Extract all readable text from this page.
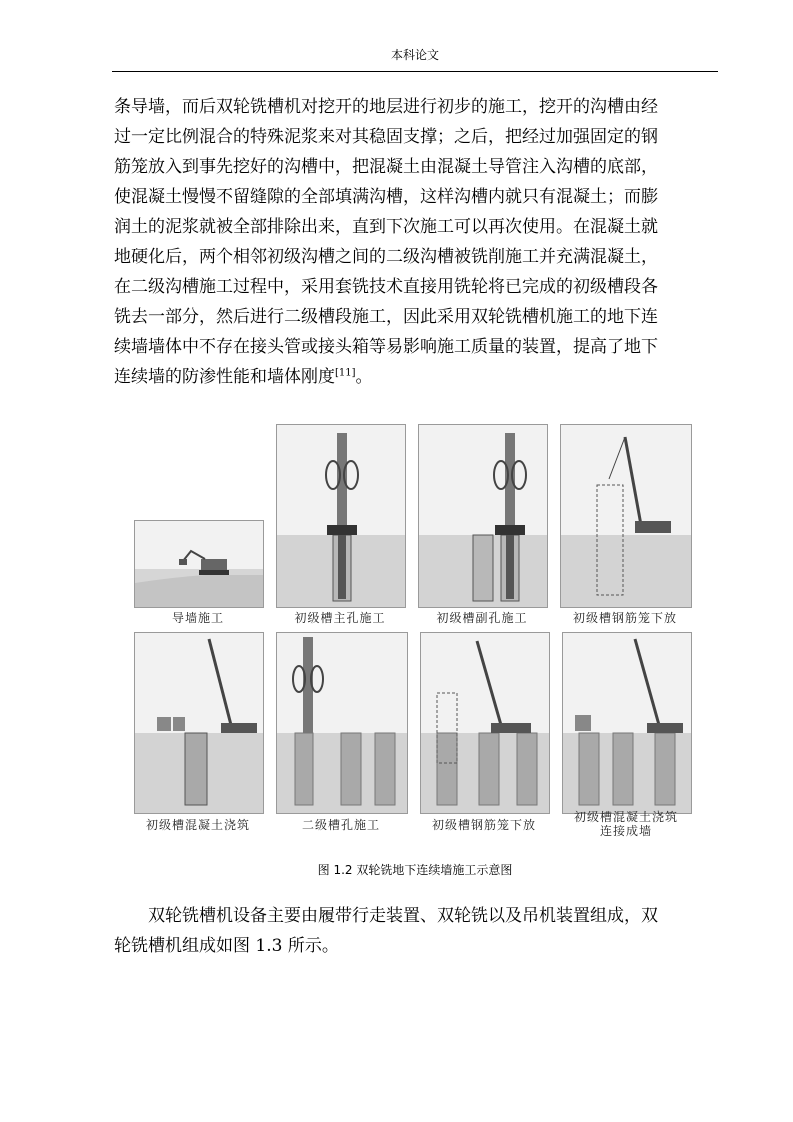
本科论文
条导墙，而后双轮铣槽机对挖开的地层进行初步的施工，挖开的沟槽由经
过一定比例混合的特殊泥浆来对其稳固支撑；之后，把经过加强固定的钢
筋笼放入到事先挖好的沟槽中，把混凝土由混凝土导管注入沟槽的底部，
使混凝土慢慢不留缝隙的全部填满沟槽，这样沟槽内就只有混凝土；而膨
润土的泥浆就被全部排除出来，直到下次施工可以再次使用。在混凝土就
地硬化后，两个相邻初级沟槽之间的二级沟槽被铣削施工并充满混凝土，
在二级沟槽施工过程中，采用套铣技术直接用铣轮将已完成的初级槽段各
铣去一部分，然后进行二级槽段施工，因此采用双轮铣槽机施工的地下连
续墙墙体中不存在接头管或接头箱等易影响施工质量的装置，提高了地下
连续墙的防渗性能和墙体刚度[11]。
导墙施工	初级槽主孔施工	初级槽副孔施工	初级槽钢筋笼下放
初级槽混凝土浇筑	二级槽孔施工	初级槽钢筋笼下放
初级槽混凝土浇筑
连接成墙
图 1.2 双轮铣地下连续墙施工示意图
双轮铣槽机设备主要由履带行走装置、双轮铣以及吊机装置组成，双
轮铣槽机组成如图 1.3 所示。
